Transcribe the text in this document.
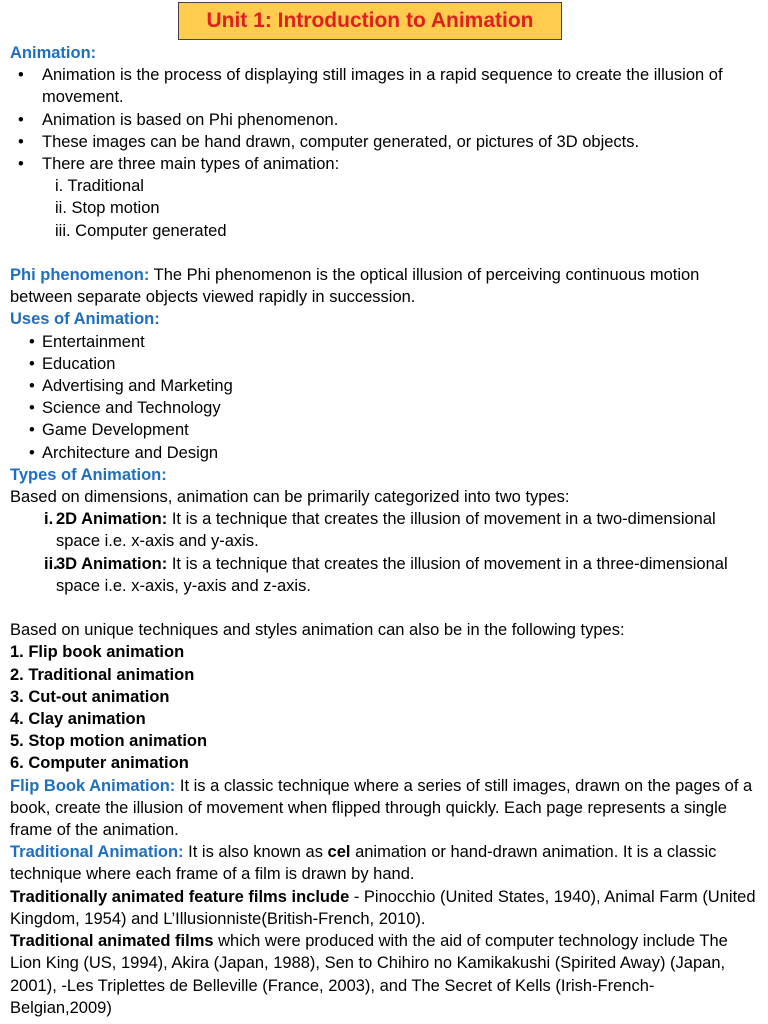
Unit 1: Introduction to Animation
Animation:
• Animation is the process of displaying still images in a rapid sequence to create the illusion of movement.
• Animation is based on Phi phenomenon.
• These images can be hand drawn, computer generated, or pictures of 3D objects.
• There are three main types of animation:
i. Traditional
ii. Stop motion
iii. Computer generated
Phi phenomenon: The Phi phenomenon is the optical illusion of perceiving continuous motion between separate objects viewed rapidly in succession.
Uses of Animation:
• Entertainment
• Education
• Advertising and Marketing
• Science and Technology
• Game Development
• Architecture and Design
Types of Animation:
Based on dimensions, animation can be primarily categorized into two types:
i. 2D Animation: It is a technique that creates the illusion of movement in a two-dimensional space i.e. x-axis and y-axis.
ii.
3D Animation: It is a technique that creates the illusion of movement in a three-dimensional space i.e. x-axis, y-axis and z-axis.
Based on unique techniques and styles animation can also be in the following types:
1. Flip book animation
2. Traditional animation
3. Cut-out animation
4. Clay animation
5. Stop motion animation
6. Computer animation
Flip Book Animation: It is a classic technique where a series of still images, drawn on the pages of a book, create the illusion of movement when flipped through quickly. Each page represents a single frame of the animation.
Traditional Animation: It is also known as cel animation or hand-drawn animation. It is a classic technique where each frame of a film is drawn by hand.
Traditionally animated feature films include - Pinocchio (United States, 1940), Animal Farm (United Kingdom, 1954) and L’Illusionniste(British-French, 2010).
Traditional animated films which were produced with the aid of computer technology include The Lion King (US, 1994), Akira (Japan, 1988), Sen to Chihiro no Kamikakushi (Spirited Away) (Japan, 2001), -Les Triplettes de Belleville (France, 2003), and The Secret of Kells (Irish-French- Belgian,2009)
